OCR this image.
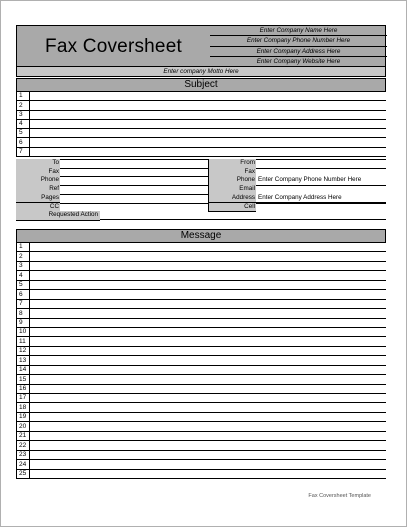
Fax Coversheet
Enter Company Name Here
Enter Company Phone Number Here
Enter Company Address Here
Enter Company Website Here
Enter company Motto Here
Subject
1
2
3
4
5
6
7
To	From
Fax	Fax
Phone	Phone Enter Company Phone Number Here
Ref	Email
Pages	Address Enter Company Address Here
CC	Cell
Requested Action
Message
1
2
3
4
5
6
7
8
9
10
11
12
13
14
15
16
17
18
19
20
21
22
23
24
25
Fax Coversheet Template
